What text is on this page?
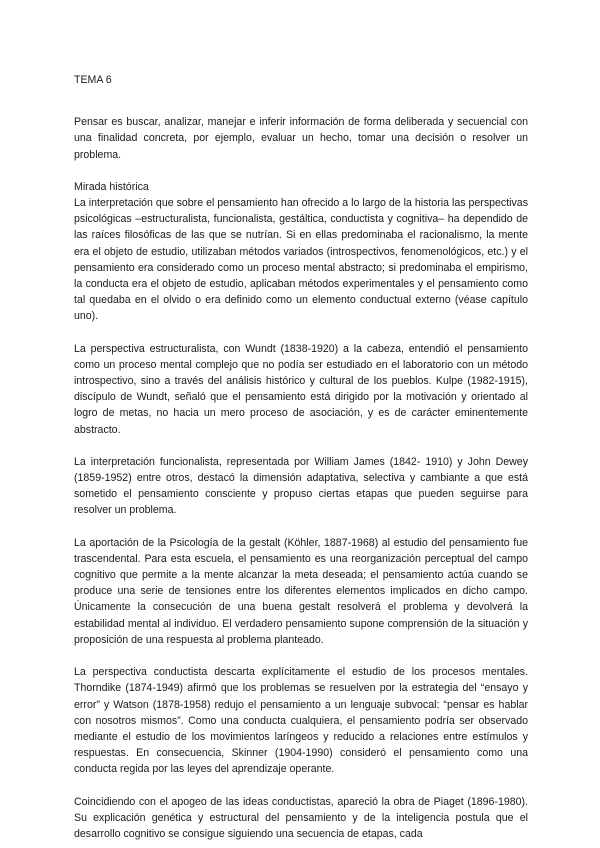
TEMA 6

Pensar es buscar, analizar, manejar e inferir información de forma deliberada y secuencial con una finalidad concreta, por ejemplo, evaluar un hecho, tomar una decisión o resolver un problema.

Mirada histórica

La interpretación que sobre el pensamiento han ofrecido a lo largo de la historia las perspectivas psicológicas –estructuralista, funcionalista, gestáltica, conductista y cognitiva– ha dependido de las raíces filosóficas de las que se nutrían. Si en ellas predominaba el racionalismo, la mente era el objeto de estudio, utilizaban métodos variados (introspectivos, fenomenológicos, etc.) y el pensamiento era considerado como un proceso mental abstracto; si predominaba el empirismo, la conducta era el objeto de estudio, aplicaban métodos experimentales y el pensamiento como tal quedaba en el olvido o era definido como un elemento conductual externo (véase capítulo uno).

La perspectiva estructuralista, con Wundt (1838-1920) a la cabeza, entendió el pensamiento como un proceso mental complejo que no podía ser estudiado en el laboratorio con un método introspectivo, sino a través del análisis histórico y cultural de los pueblos. Kulpe (1982-1915), discípulo de Wundt, señaló que el pensamiento está dirigido por la motivación y orientado al logro de metas, no hacia un mero proceso de asociación, y es de carácter eminentemente abstracto.

La interpretación funcionalista, representada por William James (1842- 1910) y John Dewey (1859-1952) entre otros, destacó la dimensión adaptativa, selectiva y cambiante a que está sometido el pensamiento consciente y propuso ciertas etapas que pueden seguirse para resolver un problema.

La aportación de la Psicología de la gestalt (Köhler, 1887-1968) al estudio del pensamiento fue trascendental. Para esta escuela, el pensamiento es una reorganización perceptual del campo cognitivo que permite a la mente alcanzar la meta deseada; el pensamiento actúa cuando se produce una serie de tensiones entre los diferentes elementos implicados en dicho campo. Únicamente la consecución de una buena gestalt resolverá el problema y devolverá la estabilidad mental al individuo. El verdadero pensamiento supone comprensión de la situación y proposición de una respuesta al problema planteado.

La perspectiva conductista descarta explícitamente el estudio de los procesos mentales. Thorndike (1874-1949) afirmó que los problemas se resuelven por la estrategia del “ensayo y error” y Watson (1878-1958) redujo el pensamiento a un lenguaje subvocal: “pensar es hablar con nosotros mismos”. Como una conducta cualquiera, el pensamiento podría ser observado mediante el estudio de los movimientos laríngeos y reducido a relaciones entre estímulos y respuestas. En consecuencia, Skinner (1904-1990) consideró el pensamiento como una conducta regida por las leyes del aprendizaje operante.

Coincidiendo con el apogeo de las ideas conductistas, apareció la obra de Piaget (1896-1980). Su explicación genética y estructural del pensamiento y de la inteligencia postula que el desarrollo cognitivo se consigue siguiendo una secuencia de etapas, cada
